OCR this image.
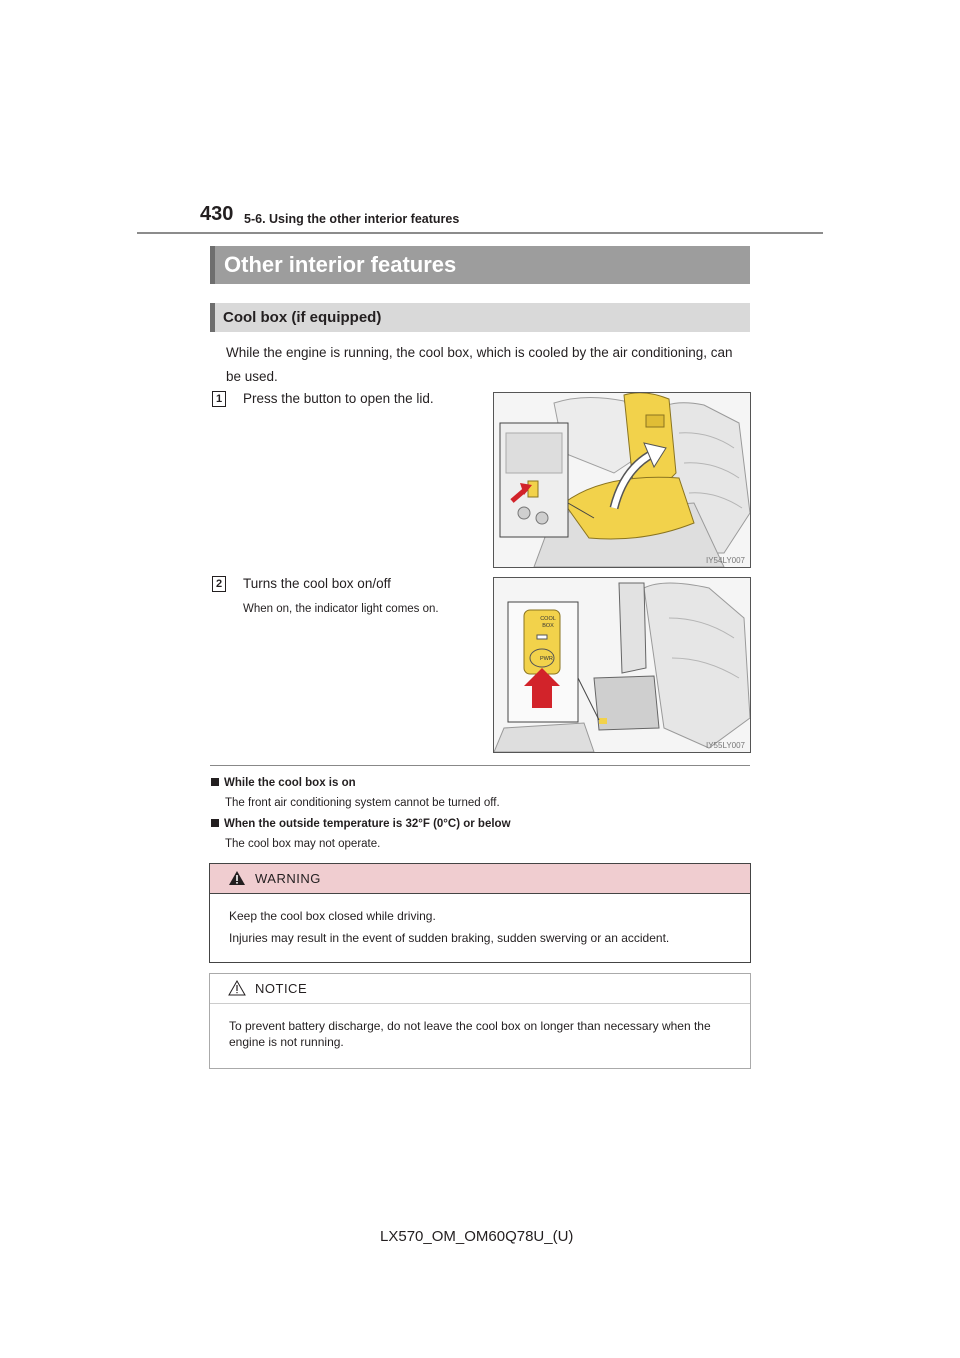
430 5-6. Using the other interior features
Other interior features
Cool box (if equipped)
While the engine is running, the cool box, which is cooled by the air conditioning, can be used.
1 Press the button to open the lid.
IY54LY007
2 Turns the cool box on/off
When on, the indicator light comes on.
COOL BOX
PWR
IY55LY007
While the cool box is on
The front air conditioning system cannot be turned off.
When the outside temperature is 32°F (0°C) or below
The cool box may not operate.
WARNING
Keep the cool box closed while driving.
Injuries may result in the event of sudden braking, sudden swerving or an accident.
NOTICE
To prevent battery discharge, do not leave the cool box on longer than necessary when the engine is not running.
LX570_OM_OM60Q78U_(U)
